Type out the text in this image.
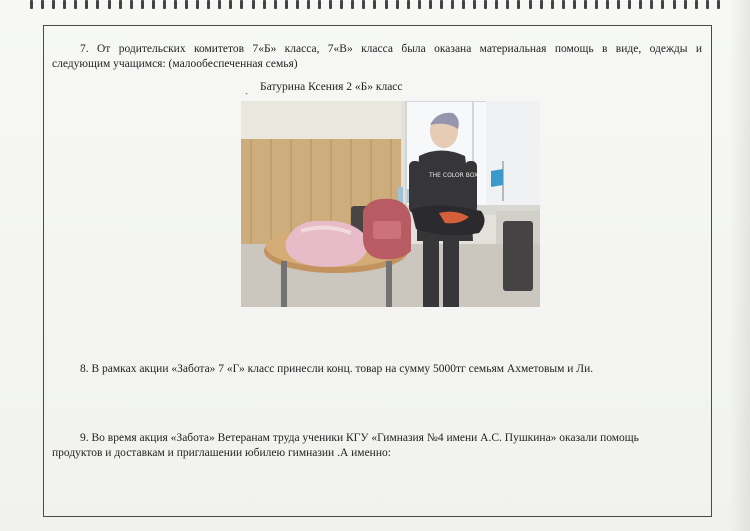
7. От родительских комитетов 7«Б» класса, 7«В» класса была оказана материальная помощь в виде, одежды и
следующим учащимся: (малообеспеченная семья)

ˎ Батурина Ксения 2 «Б» класс
THE COLOR BOX

8. В рамках акции «Забота» 7 «Г» класс принесли конц. товар на сумму 5000тг семьям Ахметовым и Ли.

9. Во время акция «Забота» Ветеранам труда ученики КГУ «Гимназия №4 имени А.С. Пушкина» оказали помощь
продуктов и доставкам и приглашении юбилею гимназии .А именно:
